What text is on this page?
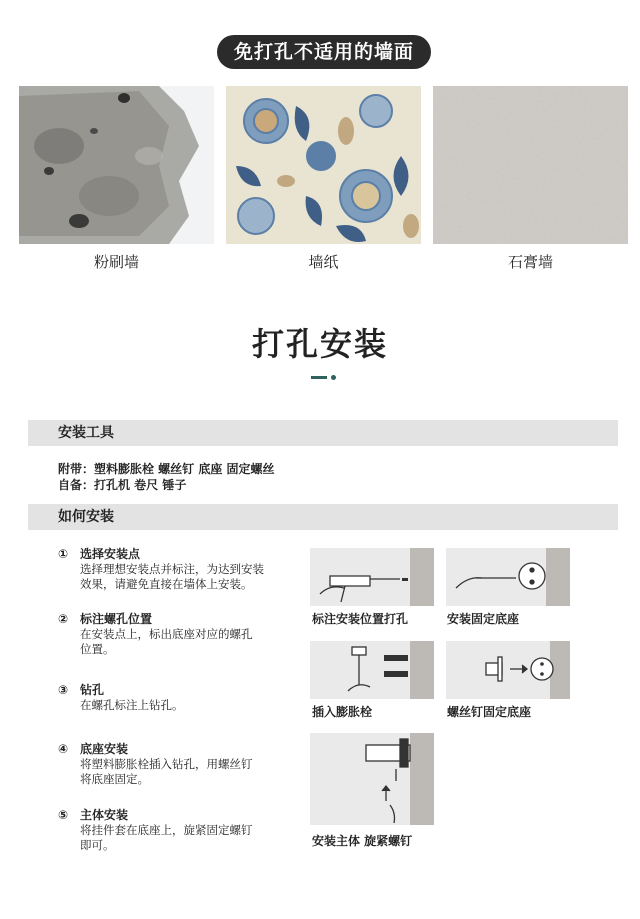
免打孔不适用的墙面
粉刷墙	墙纸	石膏墙
打孔安装
安装工具
附带：塑料膨胀栓 螺丝钉 底座 固定螺丝
自备：打孔机 卷尺 锤子
如何安装
① 选择安装点
选择理想安装点并标注，为达到安装
效果，请避免直接在墙体上安装。
② 标注螺孔位置
在安装点上，标出底座对应的螺孔
位置。
③ 钻孔
在螺孔标注上钻孔。
④ 底座安装
将塑料膨胀栓插入钻孔，用螺丝钉
将底座固定。
⑤ 主体安装
将挂件套在底座上，旋紧固定螺钉
即可。
标注安装位置打孔	安装固定底座
插入膨胀栓	螺丝钉固定底座
安装主体 旋紧螺钉
